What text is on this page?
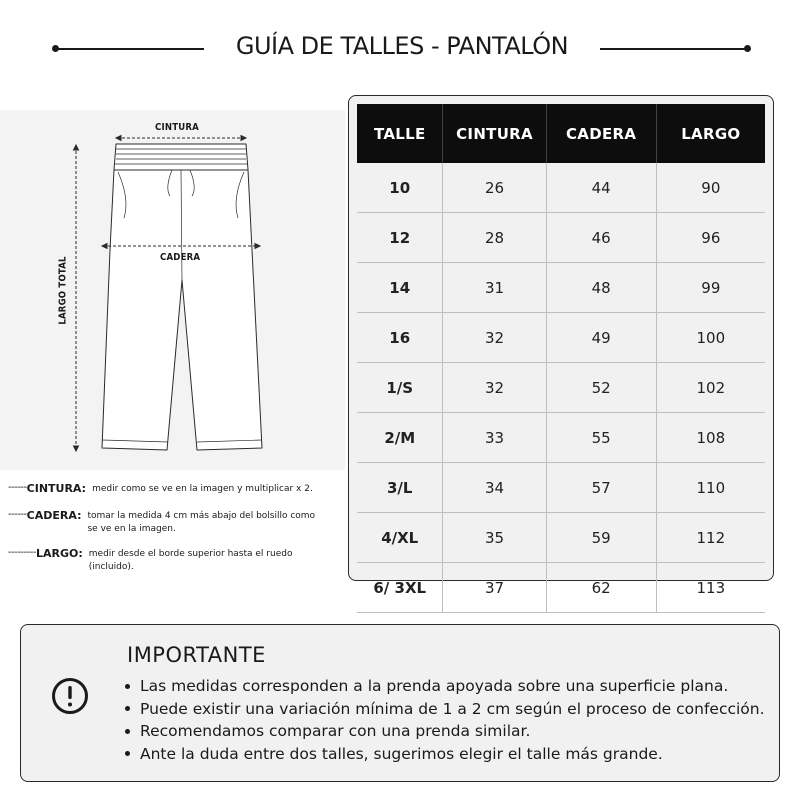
GUÍA DE TALLES - PANTALÓN
CINTURA
CADERA
LARGO TOTAL
------ CINTURA: medir como se ve en la imagen y multiplicar x 2.
------ CADERA: tomar la medida 4 cm más abajo del bolsillo como se ve en la imagen.
--------- LARGO: medir desde el borde superior hasta el ruedo (incluido).
TALLE	CINTURA	CADERA	LARGO
10	26	44	90
12	28	46	96
14	31	48	99
16	32	49	100
1/S	32	52	102
2/M	33	55	108
3/L	34	57	110
4/XL	35	59	112
6/ 3XL	37	62	113
IMPORTANTE
Las medidas corresponden a la prenda apoyada sobre una superficie plana.
Puede existir una variación mínima de 1 a 2 cm según el proceso de confección.
Recomendamos comparar con una prenda similar.
Ante la duda entre dos talles, sugerimos elegir el talle más grande.
